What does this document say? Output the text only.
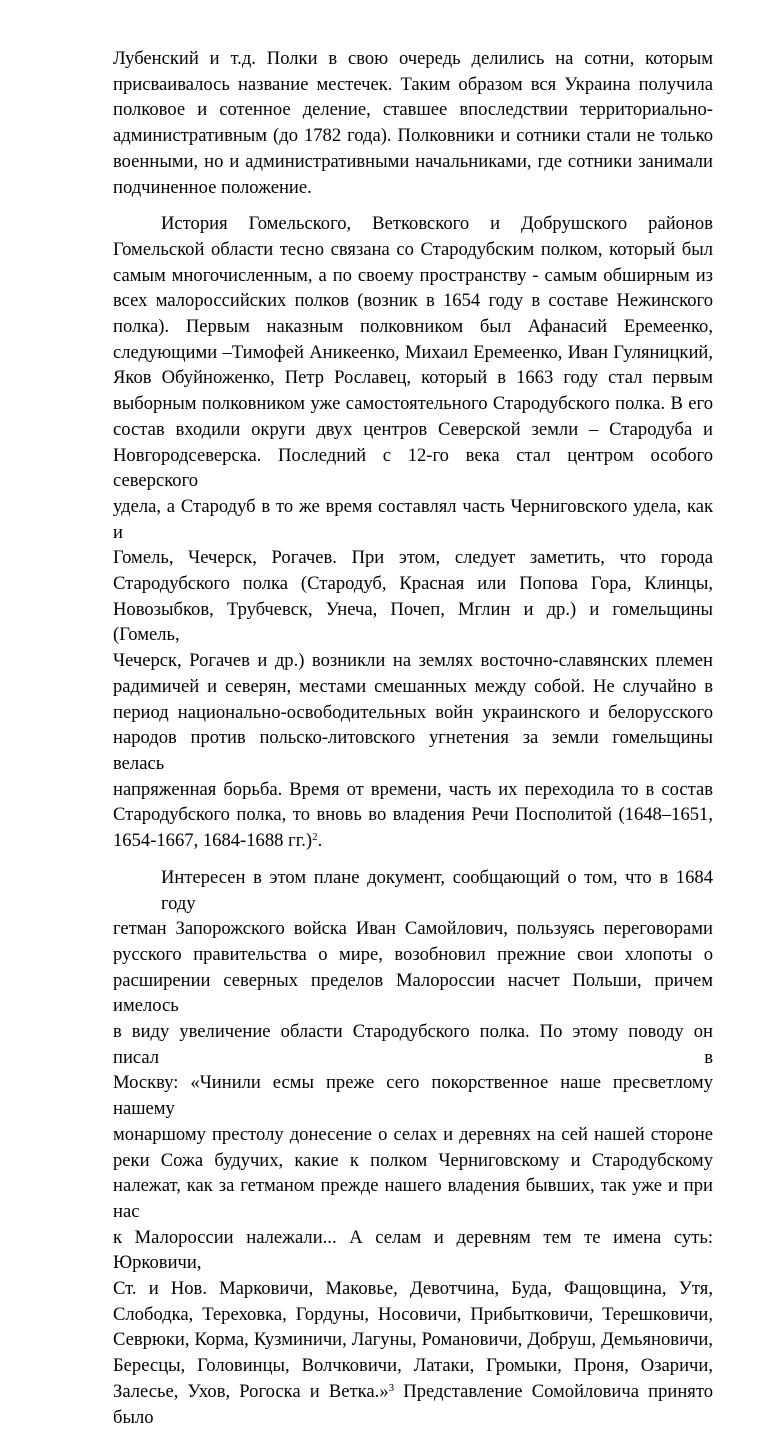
Лубенский и т.д. Полки в свою очередь делились на сотни, которым
присваивалось название местечек. Таким образом вся Украина получила
полковое и сотенное деление, ставшее впоследствии территориально-
административным (до 1782 года). Полковники и сотники стали не только
военными, но и административными начальниками, где сотники занимали
подчиненное положение.
История Гомельского, Ветковского и Добрушского районов
Гомельской области тесно связана со Стародубским полком, который был
самым многочисленным, а по своему пространству - самым обширным из
всех малороссийских полков (возник в 1654 году в составе Нежинского
полка). Первым наказным полковником был Афанасий Еремеенко,
следующими –Тимофей Аникеенко, Михаил Еремеенко, Иван Гуляницкий,
Яков Обуйноженко, Петр Рославец, который в 1663 году стал первым
выборным полковником уже самостоятельного Стародубского полка. В его
состав входили округи двух центров Северской земли – Стародуба и
Новгородсеверска. Последний с 12-го века стал центром особого северского
удела, а Стародуб в то же время составлял часть Черниговского удела, как и
Гомель, Чечерск, Рогачев. При этом, следует заметить, что города
Стародубского полка (Стародуб, Красная или Попова Гора, Клинцы,
Новозыбков, Трубчевск, Унеча, Почеп, Мглин и др.) и гомельщины (Гомель,
Чечерск, Рогачев и др.) возникли на землях восточно-славянских племен
радимичей и северян, местами смешанных между собой. Не случайно в
период национально-освободительных войн украинского и белорусского
народов против польско-литовского угнетения за земли гомельщины велась
напряженная борьба. Время от времени, часть их переходила то в состав
Стародубского полка, то вновь во владения Речи Посполитой (1648–1651,
1654-1667, 1684-1688 гг.)$^2$.
Интересен в этом плане документ, сообщающий о том, что в 1684 году
гетман Запорожского войска Иван Самойлович, пользуясь переговорами
русского правительства о мире, возобновил прежние свои хлопоты о
расширении северных пределов Малороссии насчет Польши, причем имелось
в виду увеличение области Стародубского полка. По этому поводу он писал в
Москву: «Чинили есмы преже сего покорственное наше пресветлому нашему
монаршому престолу донесение о селах и деревнях на сей нашей стороне
реки Сожа будучих, какие к полком Черниговскому и Стародубскому
належат, как за гетманом прежде нашего владения бывших, так уже и при нас
к Малороссии належали... А селам и деревням тем те имена суть: Юрковичи,
Ст. и Нов. Марковичи, Маковье, Девотчина, Буда, Фащовщина, Утя,
Слободка, Тереховка, Гордуны, Носовичи, Прибытковичи, Терешковичи,
Севрюки, Корма, Кузминичи, Лагуны, Романовичи, Добруш, Демьяновичи,
Бересцы, Головинцы, Волчковичи, Латаки, Громыки, Проня, Озаричи,
Залесье, Ухов, Рогоска и Ветка.»$^3$ Представление Сомойловича принято было
